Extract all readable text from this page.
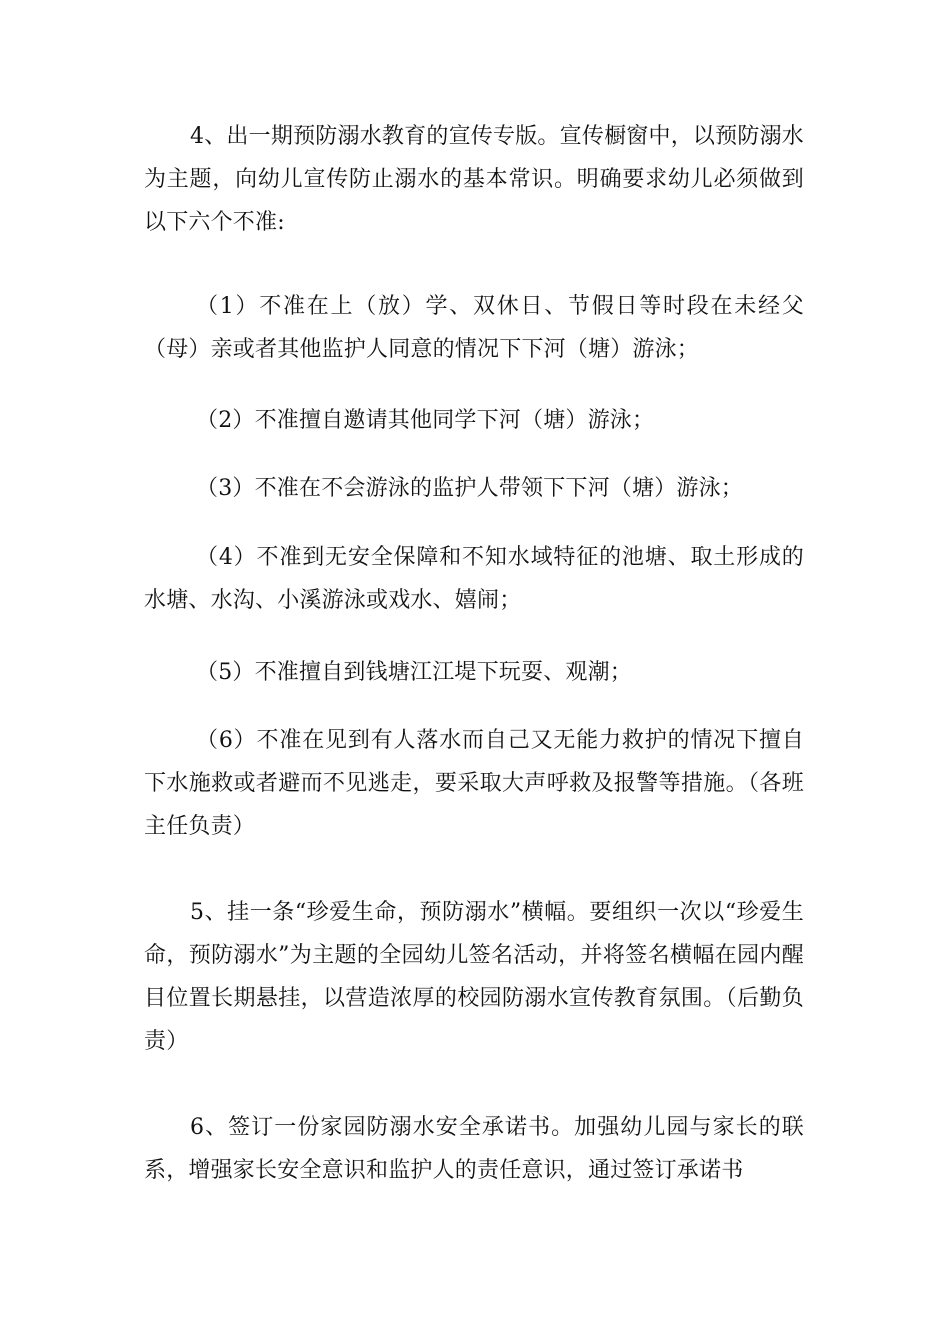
4、出一期预防溺水教育的宣传专版。宣传橱窗中，以预防溺水为主题，向幼儿宣传防止溺水的基本常识。明确要求幼儿必须做到以下六个不准:

（1）不准在上（放）学、双休日、节假日等时段在未经父（母）亲或者其他监护人同意的情况下下河（塘）游泳；

（2）不准擅自邀请其他同学下河（塘）游泳；

（3）不准在不会游泳的监护人带领下下河（塘）游泳；

（4）不准到无安全保障和不知水域特征的池塘、取土形成的水塘、水沟、小溪游泳或戏水、嬉闹；

（5）不准擅自到钱塘江江堤下玩耍、观潮；

（6）不准在见到有人落水而自己又无能力救护的情况下擅自下水施救或者避而不见逃走，要采取大声呼救及报警等措施。（各班主任负责）

5、挂一条“珍爱生命，预防溺水”横幅。要组织一次以“珍爱生命，预防溺水”为主题的全园幼儿签名活动，并将签名横幅在园内醒目位置长期悬挂，以营造浓厚的校园防溺水宣传教育氛围。（后勤负责）

6、签订一份家园防溺水安全承诺书。加强幼儿园与家长的联系，增强家长安全意识和监护人的责任意识，通过签订承诺书
